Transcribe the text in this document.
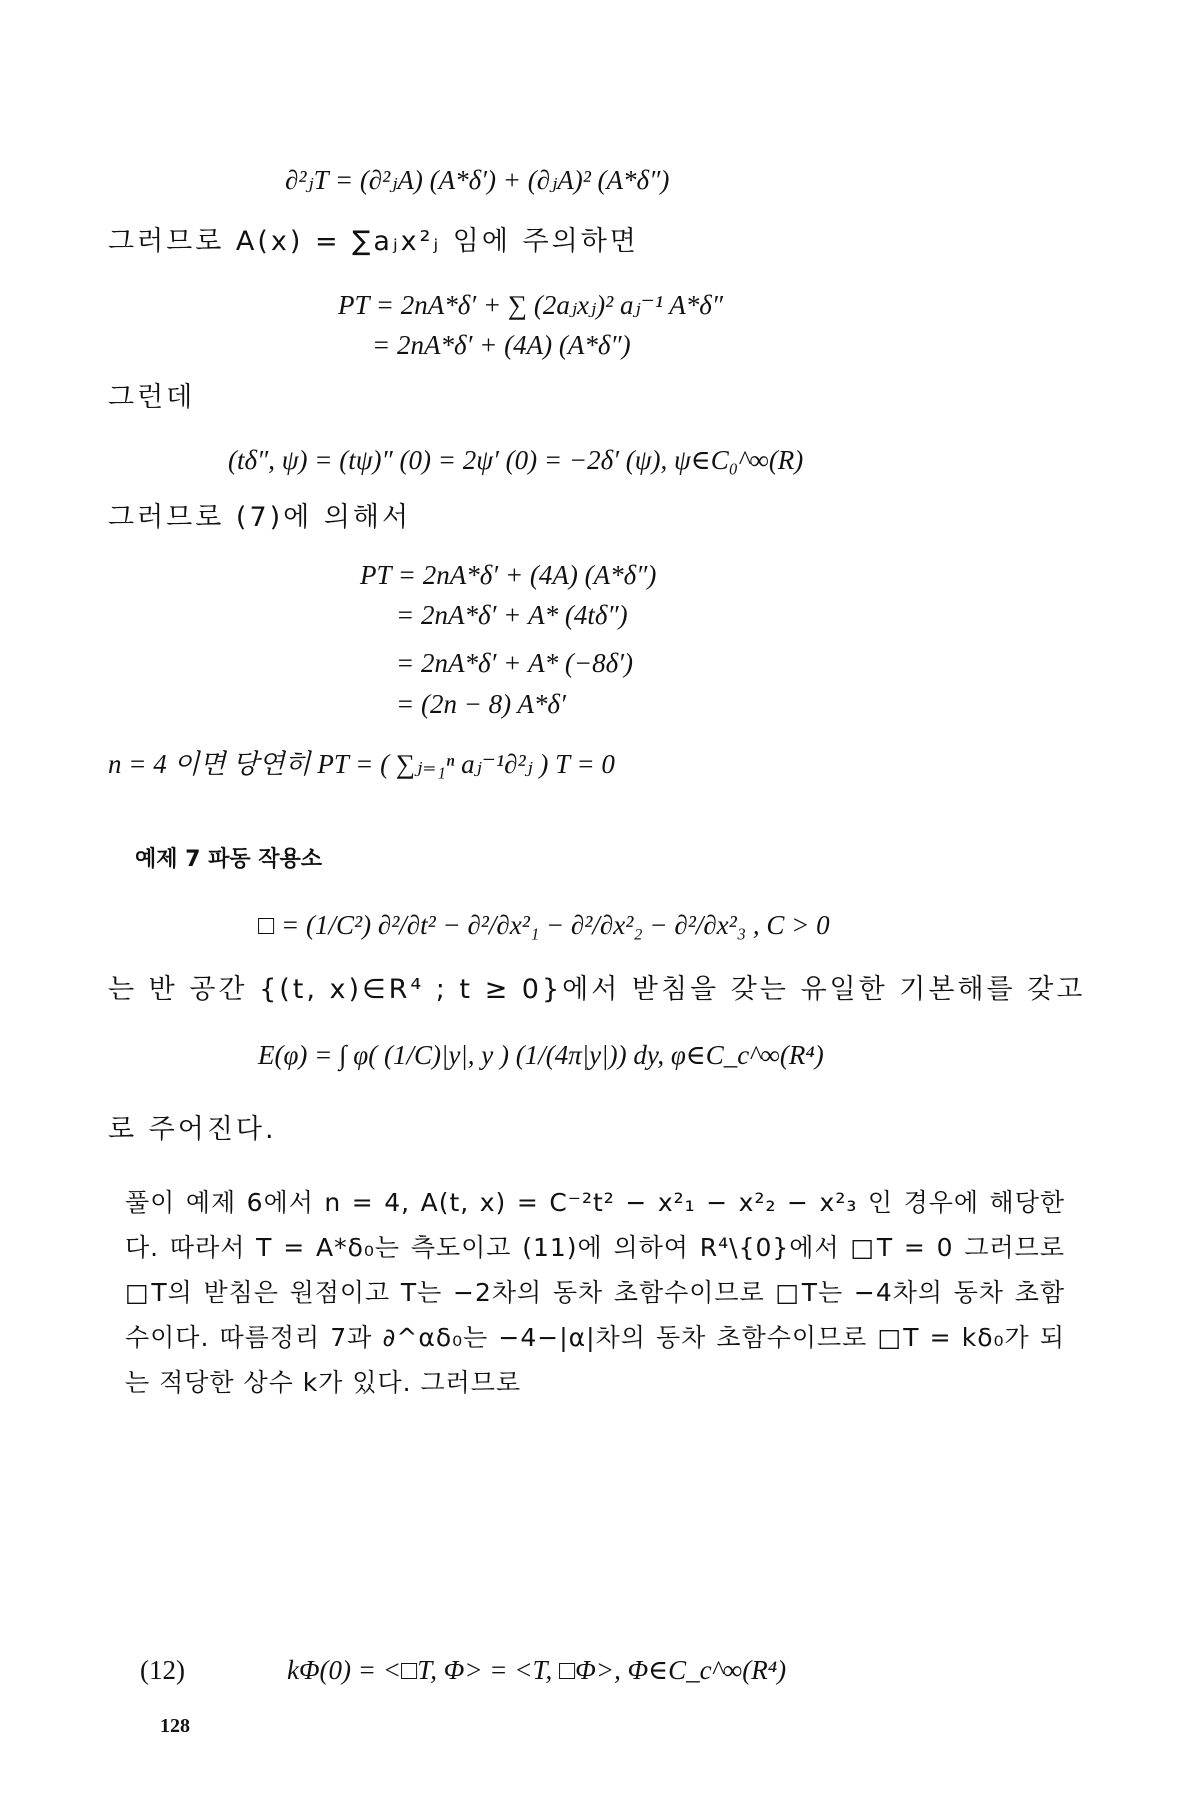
∂²ⱼT = (∂²ⱼA) (A*δ′) + (∂ⱼA)² (A*δ″)
그러므로 A(x) = ∑aⱼx²ⱼ 임에 주의하면
PT = 2nA*δ′ + ∑ (2aⱼxⱼ)² aⱼ⁻¹ A*δ″
= 2nA*δ′ + (4A) (A*δ″)
그런데
(tδ″, ψ) = (tψ)″ (0) = 2ψ′ (0) = −2δ′ (ψ), ψ∈C₀^∞(R)
그러므로 (7)에 의해서
PT = 2nA*δ′ + (4A) (A*δ″)
= 2nA*δ′ + A* (4tδ″)
= 2nA*δ′ + A* (−8δ′)
= (2n − 8) A*δ′
n = 4 이면 당연히 PT = ( ∑ⱼ₌₁ⁿ aⱼ⁻¹∂²ⱼ ) T = 0
예제 7 파동 작용소
□ = (1/C²) ∂²/∂t² − ∂²/∂x²₁ − ∂²/∂x²₂ − ∂²/∂x²₃ , C > 0
는 반 공간 {(t, x)∈R⁴ ; t ≥ 0}에서 받침을 갖는 유일한 기본해를 갖고
E(φ) = ∫ φ( (1/C)|y|, y ) (1/(4π|y|)) dy, φ∈C_c^∞(R⁴)
로 주어진다.
풀이 예제 6에서 n = 4, A(t, x) = C⁻²t² − x²₁ − x²₂ − x²₃ 인 경우에 해당한다. 따라서 T = A*δ₀는 측도이고 (11)에 의하여 R⁴\{0}에서 □T = 0 그러므로 □T의 받침은 원점이고 T는 −2차의 동차 초함수이므로 □T는 −4차의 동차 초함수이다. 따름정리 7과 ∂^αδ₀는 −4−|α|차의 동차 초함수이므로 □T = kδ₀가 되는 적당한 상수 k가 있다. 그러므로
(12)	kΦ(0) = <□T, Φ> = <T, □Φ>, Φ∈C_c^∞(R⁴)
128
